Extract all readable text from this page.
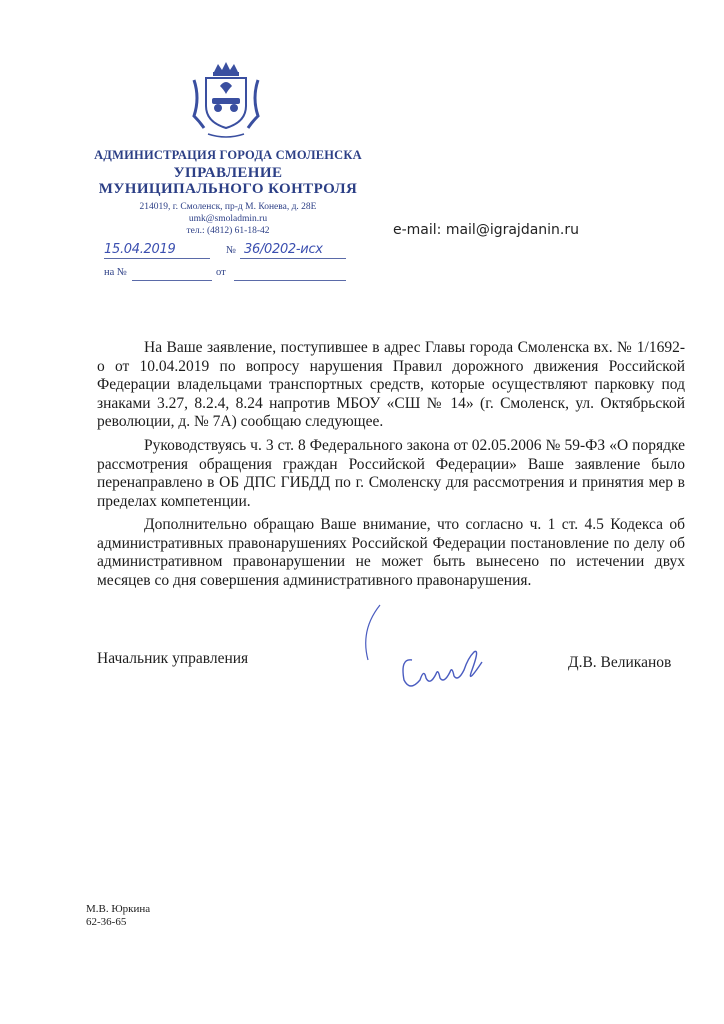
АДМИНИСТРАЦИЯ ГОРОДА СМОЛЕНСКА
УПРАВЛЕНИЕ
МУНИЦИПАЛЬНОГО КОНТРОЛЯ
214019, г. Смоленск, пр-д М. Конева, д. 28Е
umk@smoladmin.ru
тел.: (4812) 61-18-42
15.04.2019	№ 36/0202-исх
на №	от
e-mail: mail@igrajdanin.ru
На Ваше заявление, поступившее в адрес Главы города Смоленска вх. № 1/1692-о от 10.04.2019 по вопросу нарушения Правил дорожного движения Российской Федерации владельцами транспортных средств, которые осуществляют парковку под знаками 3.27, 8.2.4, 8.24 напротив МБОУ «СШ № 14» (г. Смоленск, ул. Октябрьской революции, д. № 7А) сообщаю следующее.
Руководствуясь ч. 3 ст. 8 Федерального закона от 02.05.2006 № 59-ФЗ «О порядке рассмотрения обращения граждан Российской Федерации» Ваше заявление было перенаправлено в ОБ ДПС ГИБДД по г. Смоленску для рассмотрения и принятия мер в пределах компетенции.
Дополнительно обращаю Ваше внимание, что согласно ч. 1 ст. 4.5 Кодекса об административных правонарушениях Российской Федерации постановление по делу об административном правонарушении не может быть вынесено по истечении двух месяцев со дня совершения административного правонарушения.
Начальник управления	Д.В. Великанов
М.В. Юркина
62-36-65
